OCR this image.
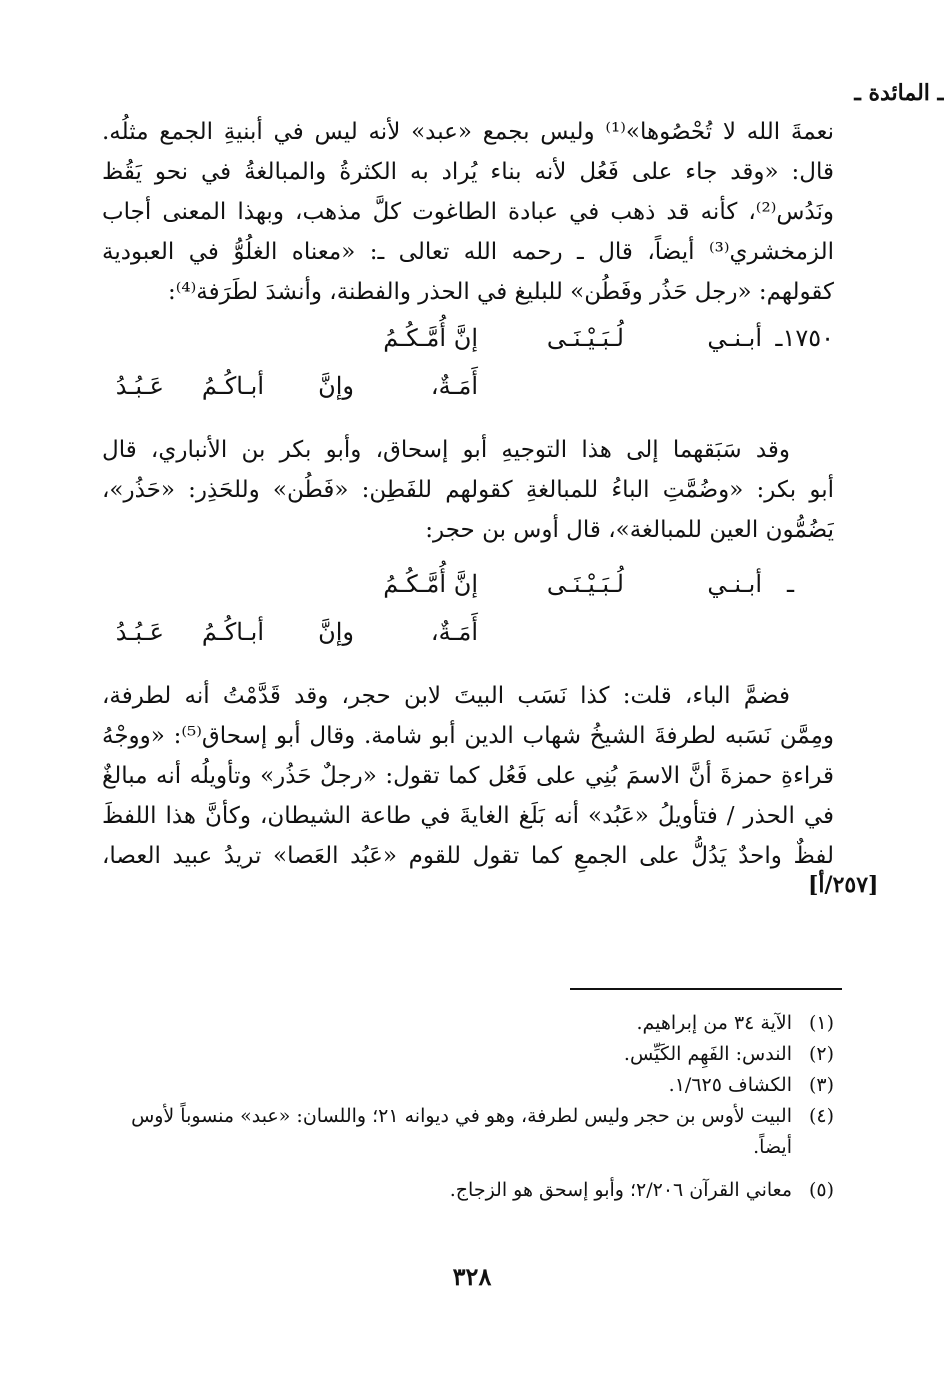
ـ المائدة ـ

نعمةَ الله لا تُحْصُوها»⁽¹⁾ وليس بجمع «عبد» لأنه ليس في أبنيةِ الجمع مثلُه.
قال: «وقد جاء على فَعُل لأنه بناء يُراد به الكثرةُ والمبالغةُ في نحو يَقُظ
ونَدُس⁽²⁾، كأنه قد ذهب في عبادة الطاغوت كلَّ مذهب، وبهذا المعنى أجاب
الزمخشري⁽³⁾ أيضاً، قال ـ رحمه الله تعالى ـ: «معناه الغلُوُّ في العبودية
كقولهم: «رجل حَذُر وفَطُن» للبليغ في الحذر والفطنة، وأنشدَ لطَرَفة⁽⁴⁾:

١٧٥٠ـ
أبـنـي
لُـبَـيْـنَـى
إنَّ أُمَّـكُـمُ
أَمَـةٌ،
وإنَّ
أبـاكُـمُ
عَـبُـدُ

وقد سَبَقهما إلى هذا التوجيهِ أبو إسحاق، وأبو بكر بن الأنباري، قال
أبو بكر: «وضُمَّتِ الباءُ للمبالغةِ كقولهم للفَطِن: «فَطُن» وللحَذِر: «حَذُر»،
يَضُمُّون العين للمبالغة»، قال أوس بن حجر:

ـ
أبـنـي
لُـبَـيْـنَـى
إنَّ أُمَّـكُـمُ
أَمَـةٌ،
وإنَّ
أبـاكُـمُ
عَـبُـدُ

فضمَّ الباء، قلت: كذا نَسَب البيتَ لابن حجر، وقد قَدَّمْتُ أنه لطرفة،
ومِمَّن نَسَبه لطرفةَ الشيخُ شهاب الدين أبو شامة. وقال أبو إسحاق⁽⁵⁾: «ووجْهُ
قراءةِ حمزةَ أنَّ الاسمَ بُنِي على فَعُل كما تقول: «رجلٌ حَذُر» وتأويلُه أنه مبالغٌ
في الحذر / فتأويلُ «عَبُد» أنه بَلَغ الغايةَ في طاعة الشيطان، وكأنَّ هذا اللفظَ
لفظٌ واحدٌ يَدُلُّ على الجمعِ كما تقول للقوم «عَبُد العَصا» تريدُ عبيد العصا،

[٢٥٧/أ]
(١)
الآية ٣٤ من إبراهيم.
(٢)
الندس: الفَهِم الكَيِّس.
(٣)
الكشاف ١/٦٢٥.
(٤)
البيت لأوس بن حجر وليس لطرفة، وهو في ديوانه ٢١؛ واللسان: «عبد» منسوباً لأوس أيضاً.
(٥)
معاني القرآن ٢/٢٠٦؛ وأبو إسحق هو الزجاج.
٣٢٨
